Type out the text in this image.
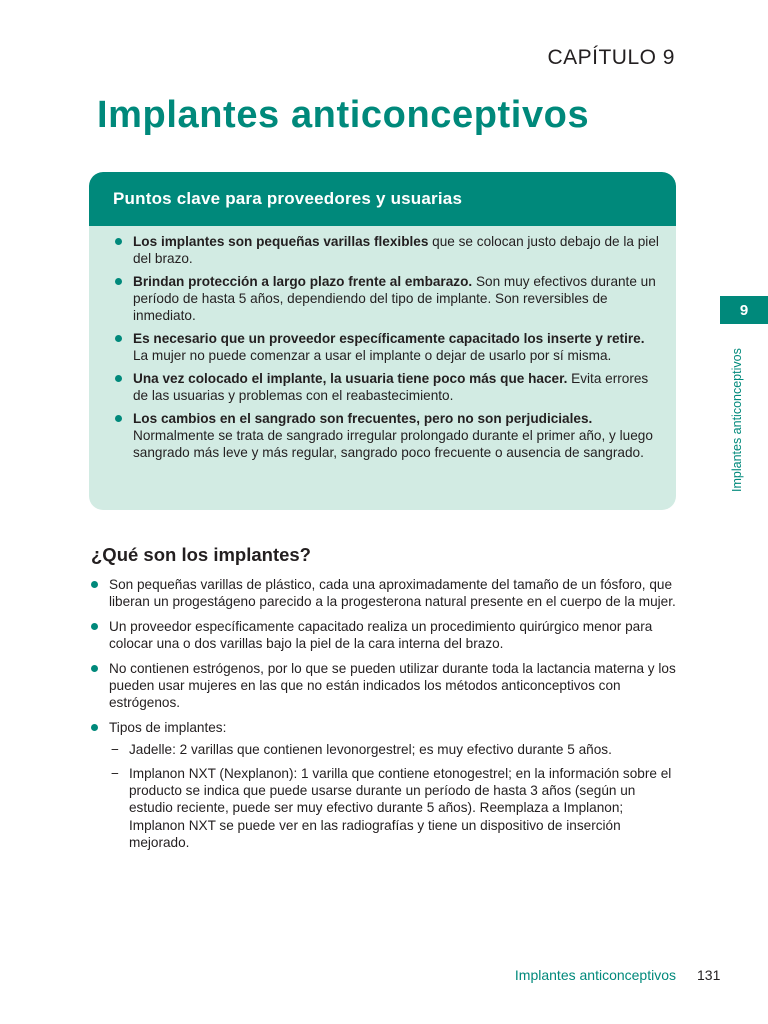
CAPÍTULO 9
Implantes anticonceptivos
Puntos clave para proveedores y usuarias
Los implantes son pequeñas varillas flexibles que se colocan justo debajo de la piel del brazo.
Brindan protección a largo plazo frente al embarazo. Son muy efectivos durante un período de hasta 5 años, dependiendo del tipo de implante. Son reversibles de inmediato.
Es necesario que un proveedor específicamente capacitado los inserte y retire. La mujer no puede comenzar a usar el implante o dejar de usarlo por sí misma.
Una vez colocado el implante, la usuaria tiene poco más que hacer. Evita errores de las usuarias y problemas con el reabastecimiento.
Los cambios en el sangrado son frecuentes, pero no son perjudiciales. Normalmente se trata de sangrado irregular prolongado durante el primer año, y luego sangrado más leve y más regular, sangrado poco frecuente o ausencia de sangrado.
¿Qué son los implantes?
Son pequeñas varillas de plástico, cada una aproximadamente del tamaño de un fósforo, que liberan un progestágeno parecido a la progesterona natural presente en el cuerpo de la mujer.
Un proveedor específicamente capacitado realiza un procedimiento quirúrgico menor para colocar una o dos varillas bajo la piel de la cara interna del brazo.
No contienen estrógenos, por lo que se pueden utilizar durante toda la lactancia materna y los pueden usar mujeres en las que no están indicados los métodos anticonceptivos con estrógenos.
Tipos de implantes:
− Jadelle: 2 varillas que contienen levonorgestrel; es muy efectivo durante 5 años.
− Implanon NXT (Nexplanon): 1 varilla que contiene etonogestrel; en la información sobre el producto se indica que puede usarse durante un período de hasta 3 años (según un estudio reciente, puede ser muy efectivo durante 5 años). Reemplaza a Implanon; Implanon NXT se puede ver en las radiografías y tiene un dispositivo de inserción mejorado.
9
Implantes anticonceptivos
Implantes anticonceptivos 131
